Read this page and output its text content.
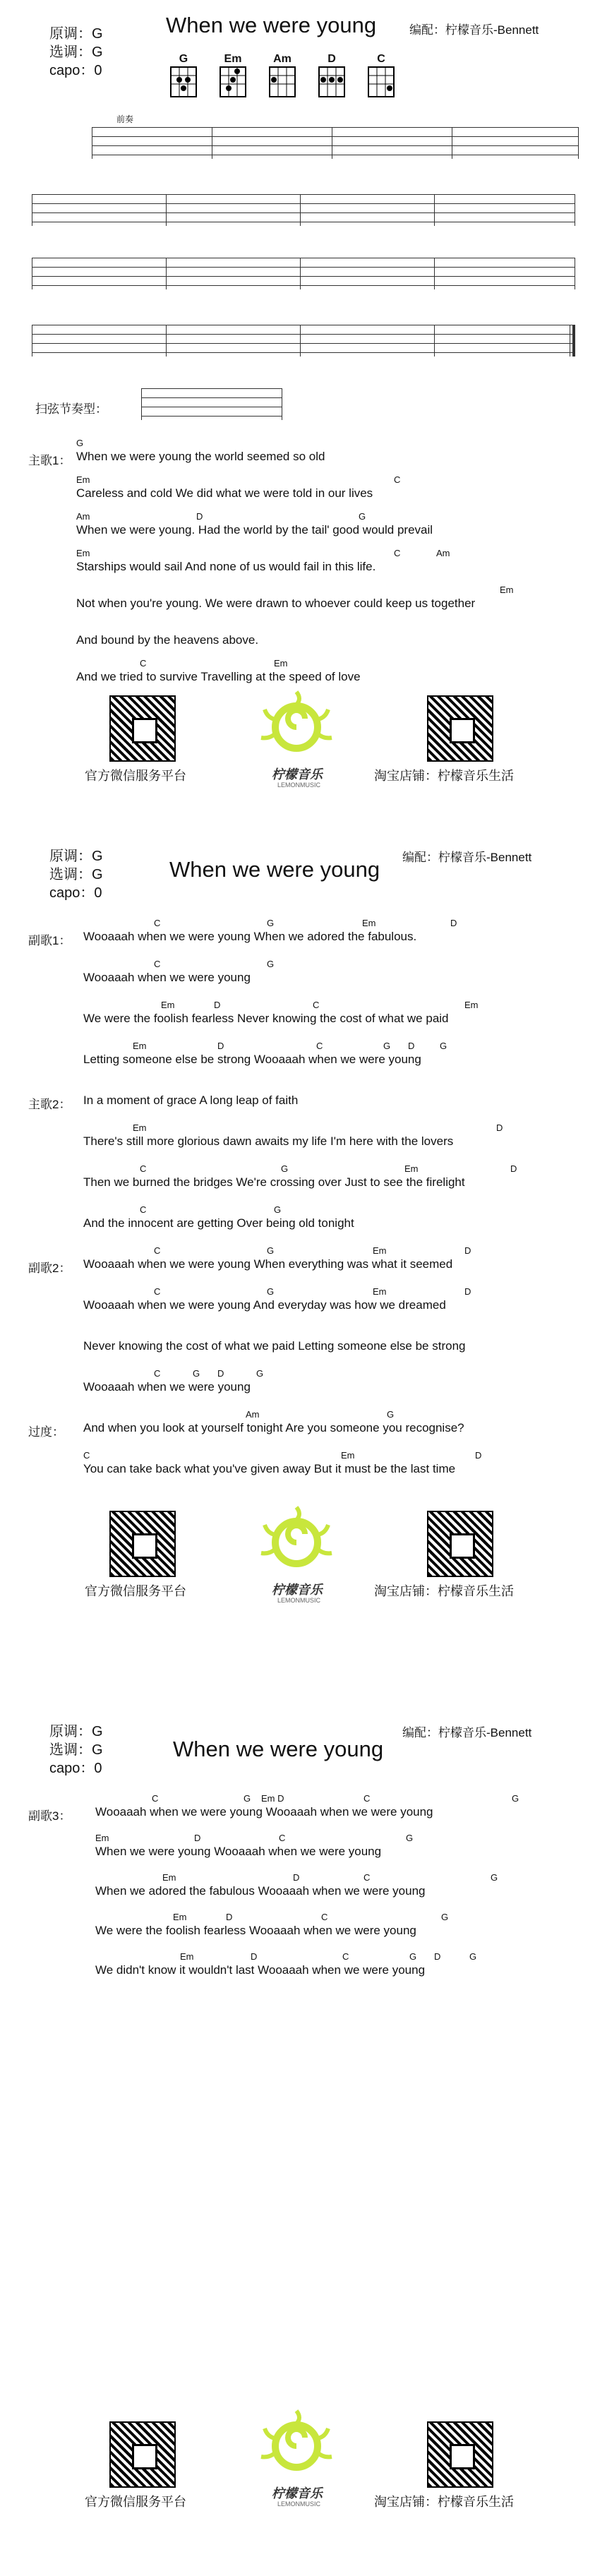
原调：G
选调：G
capo：0
When we were young	编配：柠檬音乐-Bennett
G	Em	Am	D	C
前奏
扫弦节奏型：
主歌1：
G
When we were young the world seemed so old
Em	C
Careless and cold We did what we were told in our lives
Am	D	G
When we were young. Had the world by the tail' good would prevail
Em	C	Am
Starships would sail And none of us would fail in this life.
Em
Not when you're young. We were drawn to whoever could keep us together
And bound by the heavens above.
C	Em
And we tried to survive Travelling at the speed of love
柠檬音乐
LEMONMUSIC
官方微信服务平台	淘宝店铺：柠檬音乐生活
原调：G
选调：G
capo：0
When we were young 编配：柠檬音乐-Bennett
副歌1：
C	G	Em	D
Wooaaah when we were young When we adored the fabulous.
C	G
Wooaaah when we were young
Em	D	C	Em
We were the foolish fearless Never knowing the cost of what we paid
Em	D	C	G D	G
Letting someone else be strong Wooaaah when we were young
主歌2： In a moment of grace A long leap of faith
Em	D
There's still more glorious dawn awaits my life I'm here with the lovers
C	G	Em	D
Then we burned the bridges We're crossing over Just to see the firelight
C	G
And the innocent are getting Over being old tonight
副歌2：
C	G	Em	D
Wooaaah when we were young When everything was what it seemed
C	G	Em	D
Wooaaah when we were young And everyday was how we dreamed
Never knowing the cost of what we paid Letting someone else be strong
C	G D	G
Wooaaah when we were young
过度：
Am	G
And when you look at yourself tonight Are you someone you recognise?
C	Em	D
You can take back what you've given away But it must be the last time
柠檬音乐
LEMONMUSIC
官方微信服务平台	淘宝店铺：柠檬音乐生活
原调：G
选调：G
capo：0
When we were young
编配：柠檬音乐-Bennett
副歌3：
C	G Em D	C	G
Wooaaah when we were young Wooaaah when we were young
Em	D	C	G
When we were young Wooaaah when we were young
Em	D	C	G
When we adored the fabulous Wooaaah when we were young
Em	D	C	G
We were the foolish fearless Wooaaah when we were young
Em	D	C	G D	G
We didn't know it wouldn't last Wooaaah when we were young
柠檬音乐
LEMONMUSIC
官方微信服务平台	淘宝店铺：柠檬音乐生活
